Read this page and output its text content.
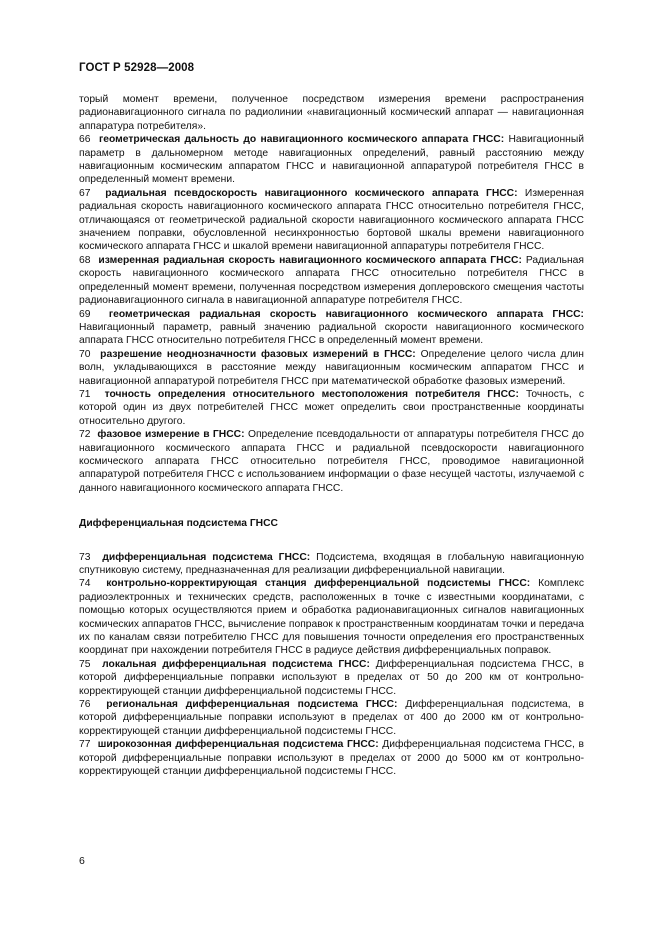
ГОСТ Р 52928—2008

торый момент времени, полученное посредством измерения времени распространения радионавигационного сигнала по радиолинии «навигационный космический аппарат — навигационная аппаратура потребителя».

66 геометрическая дальность до навигационного космического аппарата ГНСС: Навигационный параметр в дальномерном методе навигационных определений, равный расстоянию между навигационным космическим аппаратом ГНСС и навигационной аппаратурой потребителя ГНСС в определенный момент времени.

67 радиальная псевдоскорость навигационного космического аппарата ГНСС: Измеренная радиальная скорость навигационного космического аппарата ГНСС относительно потребителя ГНСС, отличающаяся от геометрической радиальной скорости навигационного космического аппарата ГНСС значением поправки, обусловленной несинхронностью бортовой шкалы времени навигационного космического аппарата ГНСС и шкалой времени навигационной аппаратуры потребителя ГНСС.

68 измеренная радиальная скорость навигационного космического аппарата ГНСС: Радиальная скорость навигационного космического аппарата ГНСС относительно потребителя ГНСС в определенный момент времени, полученная посредством измерения доплеровского смещения частоты радионавигационного сигнала в навигационной аппаратуре потребителя ГНСС.

69 геометрическая радиальная скорость навигационного космического аппарата ГНСС: Навигационный параметр, равный значению радиальной скорости навигационного космического аппарата ГНСС относительно потребителя ГНСС в определенный момент времени.

70 разрешение неоднозначности фазовых измерений в ГНСС: Определение целого числа длин волн, укладывающихся в расстояние между навигационным космическим аппаратом ГНСС и навигационной аппаратурой потребителя ГНСС при математической обработке фазовых измерений.

71 точность определения относительного местоположения потребителя ГНСС: Точность, с которой один из двух потребителей ГНСС может определить свои пространственные координаты относительно другого.

72 фазовое измерение в ГНСС: Определение псевдодальности от аппаратуры потребителя ГНСС до навигационного космического аппарата ГНСС и радиальной псевдоскорости навигационного космического аппарата ГНСС относительно потребителя ГНСС, проводимое навигационной аппаратурой потребителя ГНСС с использованием информации о фазе несущей частоты, излучаемой с данного навигационного космического аппарата ГНСС.

Дифференциальная подсистема ГНСС

73 дифференциальная подсистема ГНСС: Подсистема, входящая в глобальную навигационную спутниковую систему, предназначенная для реализации дифференциальной навигации.

74 контрольно-корректирующая станция дифференциальной подсистемы ГНСС: Комплекс радиоэлектронных и технических средств, расположенных в точке с известными координатами, с помощью которых осуществляются прием и обработка радионавигационных сигналов навигационных космических аппаратов ГНСС, вычисление поправок к пространственным координатам точки и передача их по каналам связи потребителю ГНСС для повышения точности определения его пространственных координат при нахождении потребителя ГНСС в радиусе действия дифференциальных поправок.

75 локальная дифференциальная подсистема ГНСС: Дифференциальная подсистема ГНСС, в которой дифференциальные поправки используют в пределах от 50 до 200 км от контрольно-корректирующей станции дифференциальной подсистемы ГНСС.

76 региональная дифференциальная подсистема ГНСС: Дифференциальная подсистема, в которой дифференциальные поправки используют в пределах от 400 до 2000 км от контрольно-корректирующей станции дифференциальной подсистемы ГНСС.

77 широкозонная дифференциальная подсистема ГНСС: Дифференциальная подсистема ГНСС, в которой дифференциальные поправки используют в пределах от 2000 до 5000 км от контрольно-корректирующей станции дифференциальной подсистемы ГНСС.

6
